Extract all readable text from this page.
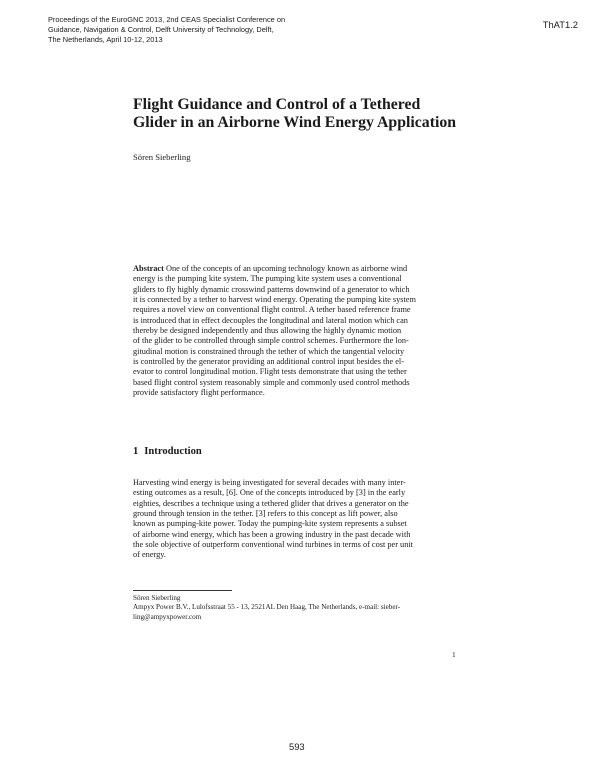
Proceedings of the EuroGNC 2013, 2nd CEAS Specialist Conference on
Guidance, Navigation & Control, Delft University of Technology, Delft,
The Netherlands, April 10-12, 2013
ThAT1.2
Flight Guidance and Control of a Tethered
Glider in an Airborne Wind Energy Application
Sören Sieberling
Abstract One of the concepts of an upcoming technology known as airborne wind
energy is the pumping kite system. The pumping kite system uses a conventional
gliders to fly highly dynamic crosswind patterns downwind of a generator to which
it is connected by a tether to harvest wind energy. Operating the pumping kite system
requires a novel view on conventional flight control. A tether based reference frame
is introduced that in effect decouples the longitudinal and lateral motion which can
thereby be designed independently and thus allowing the highly dynamic motion
of the glider to be controlled through simple control schemes. Furthermore the lon-
gitudinal motion is constrained through the tether of which the tangential velocity
is controlled by the generator providing an additional control input besides the el-
evator to control longitudinal motion. Flight tests demonstrate that using the tether
based flight control system reasonably simple and commonly used control methods
provide satisfactory flight performance.
1 Introduction
Harvesting wind energy is being investigated for several decades with many inter-
esting outcomes as a result, [6]. One of the concepts introduced by [3] in the early
eighties, describes a technique using a tethered glider that drives a generator on the
ground through tension in the tether. [3] refers to this concept as lift power, also
known as pumping-kite power. Today the pumping-kite system represents a subset
of airborne wind energy, which has been a growing industry in the past decade with
the sole objective of outperform conventional wind turbines in terms of cost per unit
of energy.
Sören Sieberling
Ampyx Power B.V., Lulofsstraat 55 - 13, 2521AL Den Haag, The Netherlands, e-mail: sieber-
ling@ampyxpower.com
1
593
